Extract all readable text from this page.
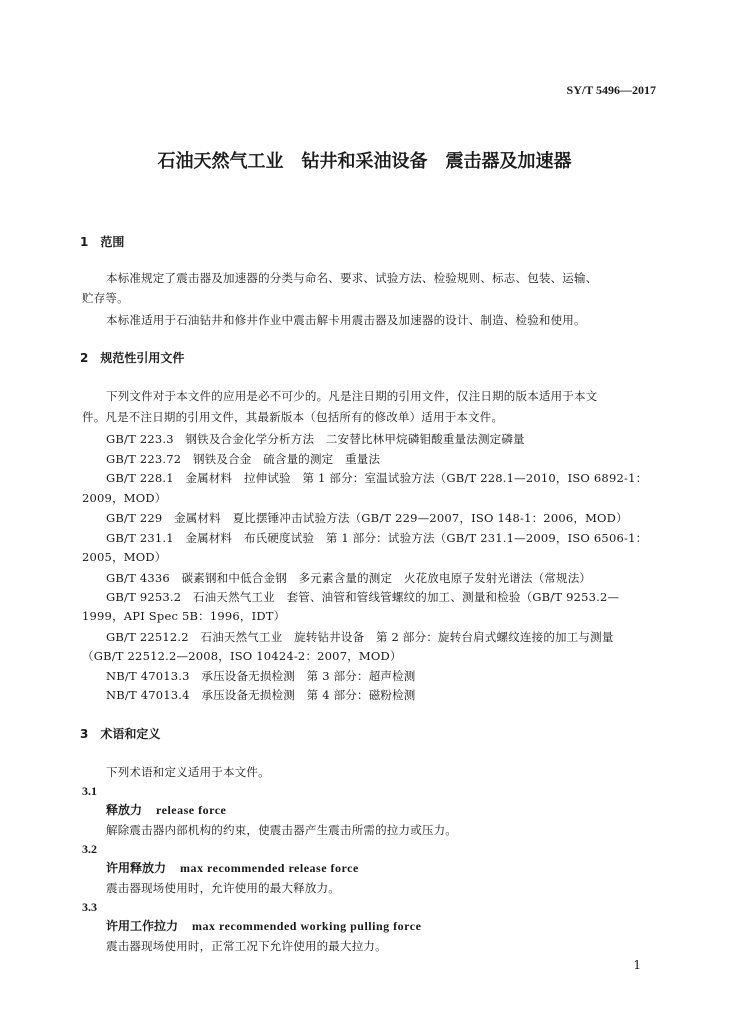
SY/T 5496—2017
石油天然气工业　钻井和采油设备　震击器及加速器
1　范围
本标准规定了震击器及加速器的分类与命名、要求、试验方法、检验规则、标志、包装、运输、
贮存等。
本标准适用于石油钻井和修井作业中震击解卡用震击器及加速器的设计、制造、检验和使用。
2　规范性引用文件
下列文件对于本文件的应用是必不可少的。凡是注日期的引用文件，仅注日期的版本适用于本文
件。凡是不注日期的引用文件，其最新版本（包括所有的修改单）适用于本文件。
GB/T 223.3　钢铁及合金化学分析方法　二安替比林甲烷磷钼酸重量法测定磷量
GB/T 223.72　钢铁及合金　硫含量的测定　重量法
GB/T 228.1　金属材料　拉伸试验　第 1 部分：室温试验方法（GB/T 228.1—2010，ISO 6892-1：
2009，MOD）
GB/T 229　金属材料　夏比摆锤冲击试验方法（GB/T 229—2007，ISO 148-1：2006，MOD）
GB/T 231.1　金属材料　布氏硬度试验　第 1 部分：试验方法（GB/T 231.1—2009，ISO 6506-1：
2005，MOD）
GB/T 4336　碳素钢和中低合金钢　多元素含量的测定　火花放电原子发射光谱法（常规法）
GB/T 9253.2　石油天然气工业　套管、油管和管线管螺纹的加工、测量和检验（GB/T 9253.2—
1999，API Spec 5B：1996，IDT）
GB/T 22512.2　石油天然气工业　旋转钻井设备　第 2 部分：旋转台肩式螺纹连接的加工与测量
（GB/T 22512.2—2008，ISO 10424-2：2007，MOD）
NB/T 47013.3　承压设备无损检测　第 3 部分：超声检测
NB/T 47013.4　承压设备无损检测　第 4 部分：磁粉检测
3　术语和定义
下列术语和定义适用于本文件。
3.1
释放力 release force
解除震击器内部机构的约束，使震击器产生震击所需的拉力或压力。
3.2
许用释放力 max recommended release force
震击器现场使用时，允许使用的最大释放力。
3.3
许用工作拉力 max recommended working pulling force
震击器现场使用时，正常工况下允许使用的最大拉力。
1
